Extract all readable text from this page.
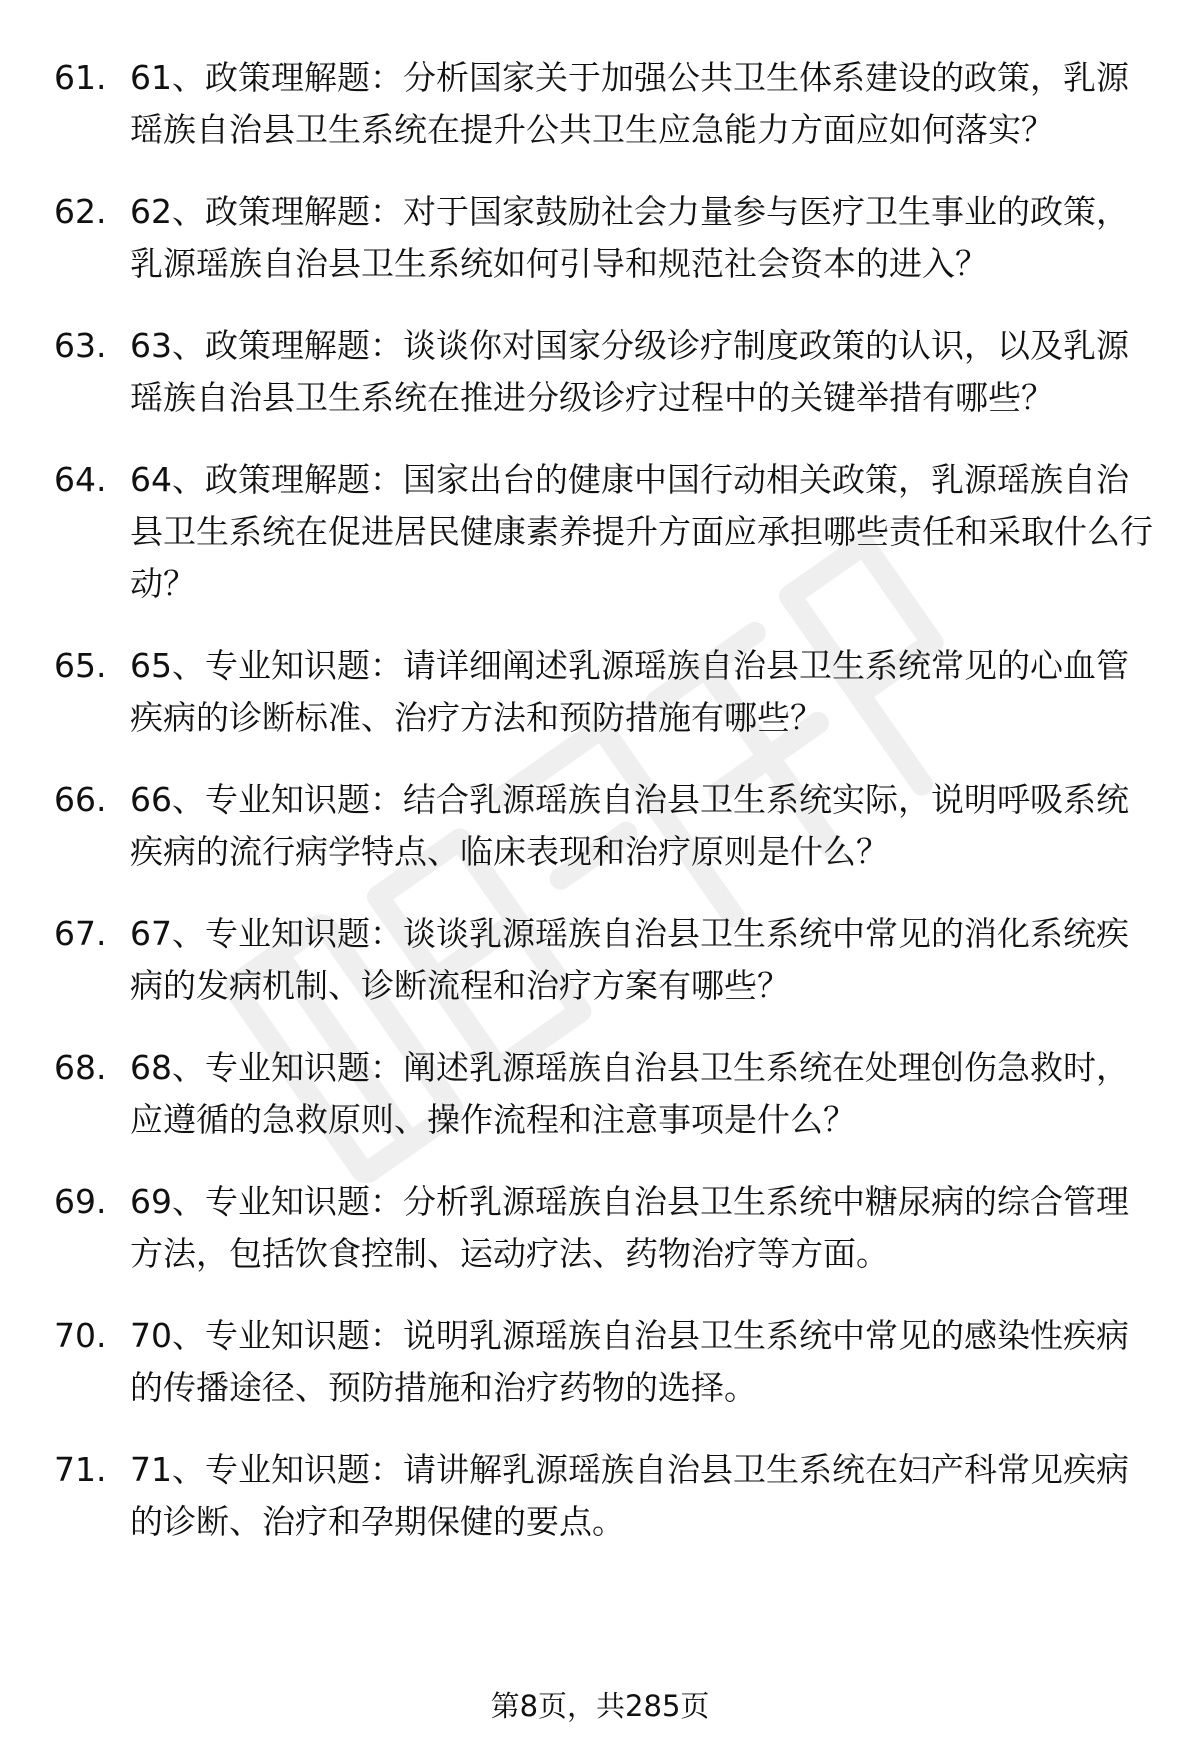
61. 61、政策理解题：分析国家关于加强公共卫生体系建设的政策，乳源瑶族自治县卫生系统在提升公共卫生应急能力方面应如何落实？
62. 62、政策理解题：对于国家鼓励社会力量参与医疗卫生事业的政策，乳源瑶族自治县卫生系统如何引导和规范社会资本的进入？
63. 63、政策理解题：谈谈你对国家分级诊疗制度政策的认识，以及乳源瑶族自治县卫生系统在推进分级诊疗过程中的关键举措有哪些？
64. 64、政策理解题：国家出台的健康中国行动相关政策，乳源瑶族自治县卫生系统在促进居民健康素养提升方面应承担哪些责任和采取什么行动？
65. 65、专业知识题：请详细阐述乳源瑶族自治县卫生系统常见的心血管疾病的诊断标准、治疗方法和预防措施有哪些？
66. 66、专业知识题：结合乳源瑶族自治县卫生系统实际，说明呼吸系统疾病的流行病学特点、临床表现和治疗原则是什么？
67. 67、专业知识题：谈谈乳源瑶族自治县卫生系统中常见的消化系统疾病的发病机制、诊断流程和治疗方案有哪些？
68. 68、专业知识题：阐述乳源瑶族自治县卫生系统在处理创伤急救时，应遵循的急救原则、操作流程和注意事项是什么？
69. 69、专业知识题：分析乳源瑶族自治县卫生系统中糖尿病的综合管理方法，包括饮食控制、运动疗法、药物治疗等方面。
70. 70、专业知识题：说明乳源瑶族自治县卫生系统中常见的感染性疾病的传播途径、预防措施和治疗药物的选择。
71. 71、专业知识题：请讲解乳源瑶族自治县卫生系统在妇产科常见疾病的诊断、治疗和孕期保健的要点。
第8页，共285页
